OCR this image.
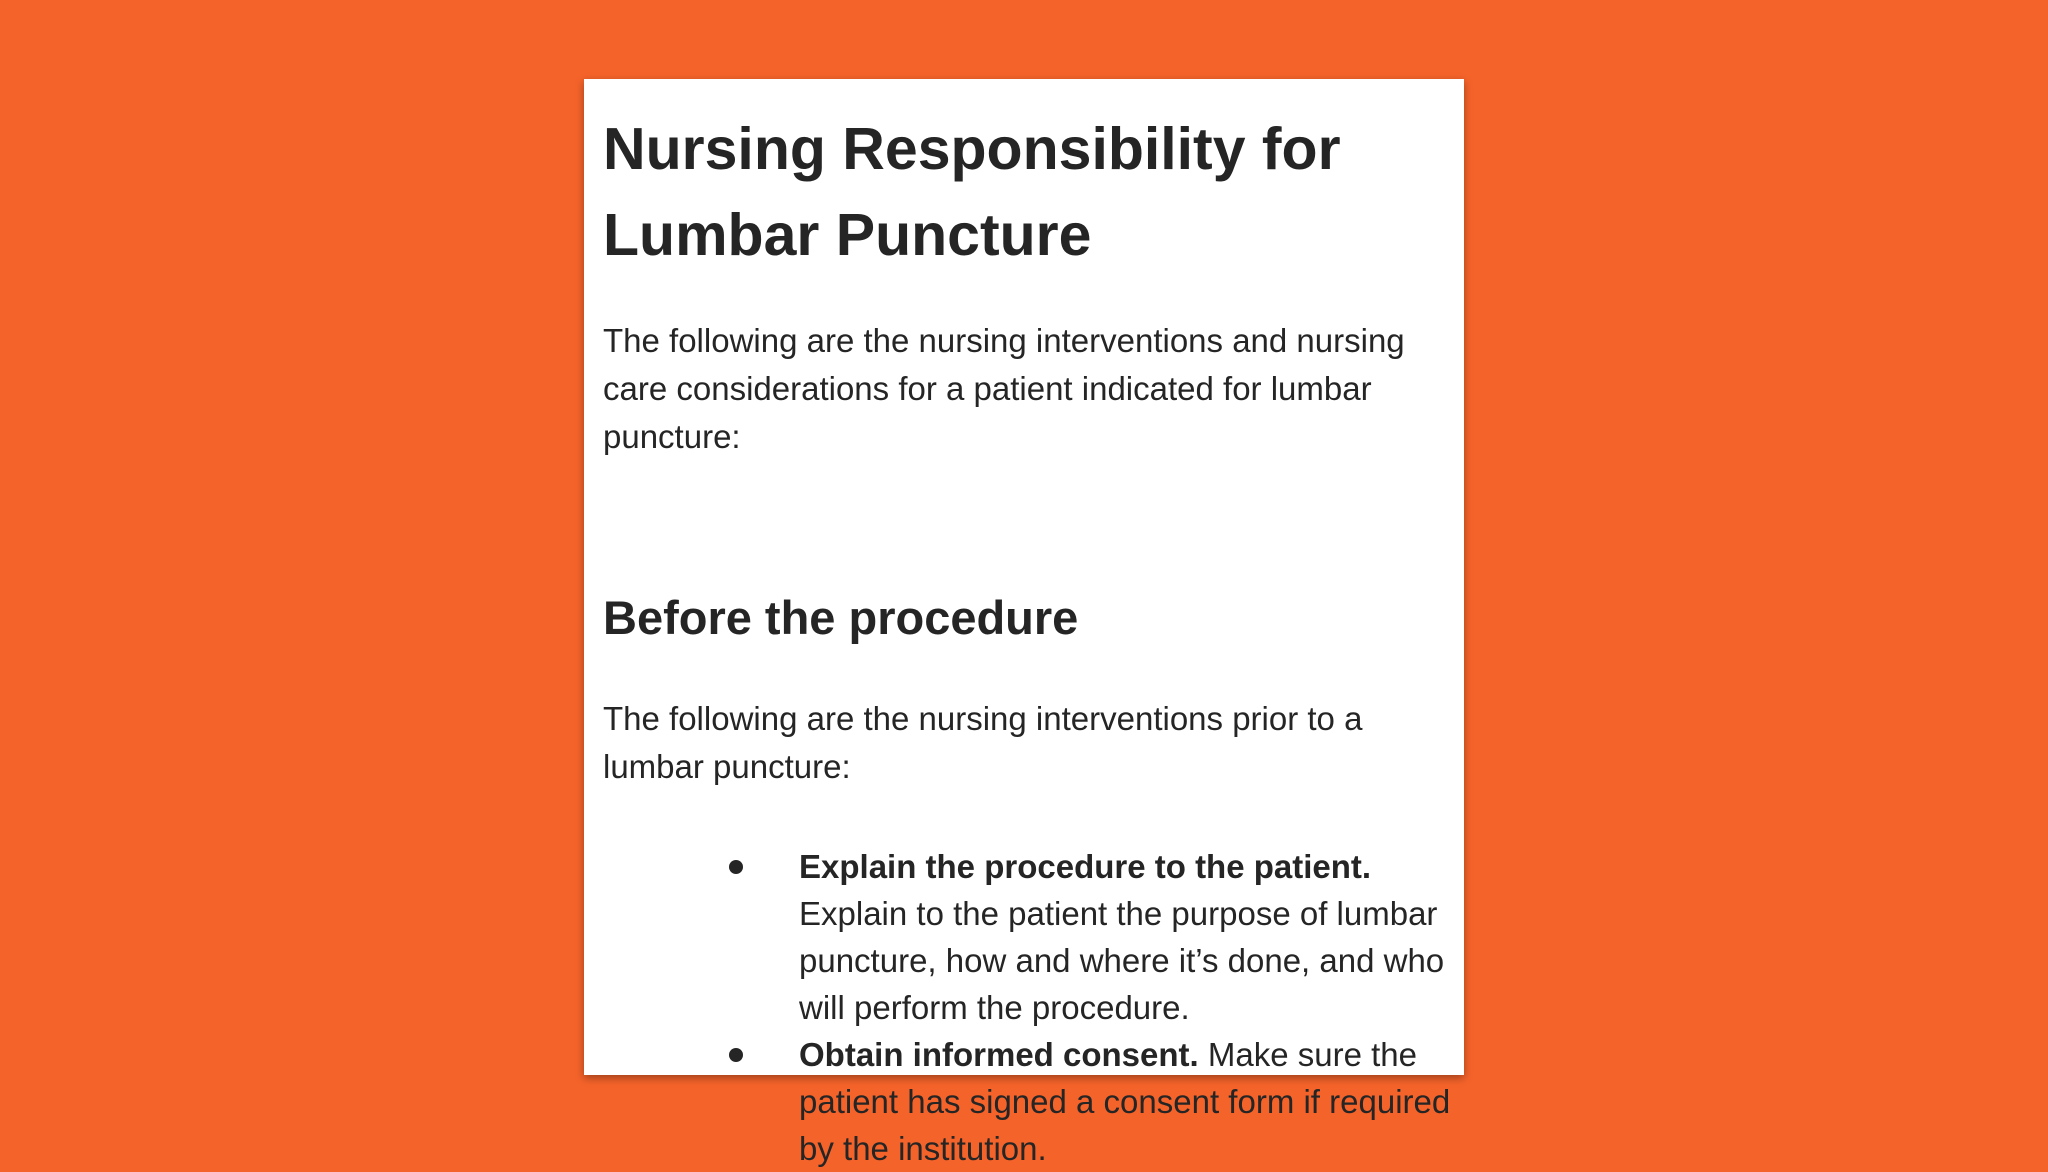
Nursing Responsibility for Lumbar Puncture

The following are the nursing interventions and nursing care considerations for a patient indicated for lumbar puncture:

Before the procedure

The following are the nursing interventions prior to a lumbar puncture:

Explain the procedure to the patient. Explain to the patient the purpose of lumbar puncture, how and where it’s done, and who will perform the procedure.
Obtain informed consent. Make sure the patient has signed a consent form if required by the institution.
